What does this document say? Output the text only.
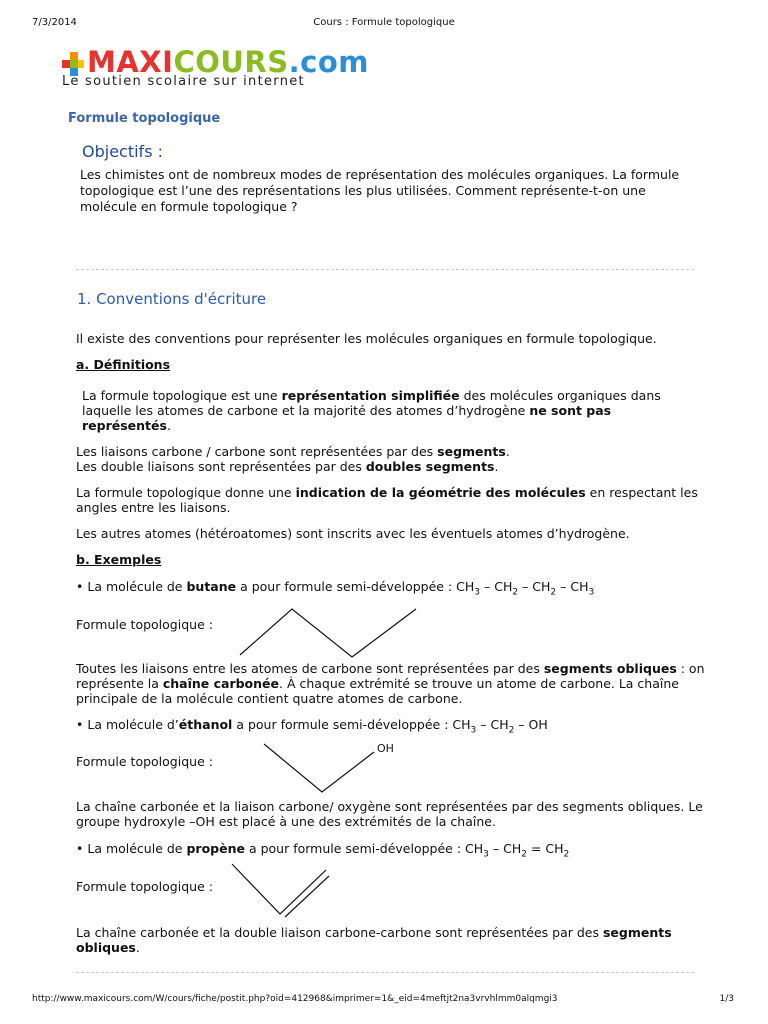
7/3/2014	Cours : Formule topologique
MAXICOURS.com
Le soutien scolaire sur internet
Formule topologique
Objectifs :
Les chimistes ont de nombreux modes de représentation des molécules organiques. La formule topologique est l’une des représentations les plus utilisées. Comment représente-t-on une molécule en formule topologique ?
1. Conventions d'écriture
Il existe des conventions pour représenter les molécules organiques en formule topologique.
a. Définitions
La formule topologique est une représentation simplifiée des molécules organiques dans laquelle les atomes de carbone et la majorité des atomes d’hydrogène ne sont pas représentés.
Les liaisons carbone / carbone sont représentées par des segments.
Les double liaisons sont représentées par des doubles segments.
La formule topologique donne une indication de la géométrie des molécules en respectant les angles entre les liaisons.
Les autres atomes (hétéroatomes) sont inscrits avec les éventuels atomes d’hydrogène.
b. Exemples
• La molécule de butane a pour formule semi-développée : $CH_3 - CH_2 - CH_2 - CH_3$
Formule topologique :
Toutes les liaisons entre les atomes de carbone sont représentées par des segments obliques : on représente la chaîne carbonée. À chaque extrémité se trouve un atome de carbone. La chaîne principale de la molécule contient quatre atomes de carbone.
• La molécule d’éthanol a pour formule semi-développée : $CH_3 - CH_2$ – OH
Formule topologique :
OH
La chaîne carbonée et la liaison carbone/ oxygène sont représentées par des segments obliques. Le groupe hydroxyle –OH est placé à une des extrémités de la chaîne.
• La molécule de propène a pour formule semi-développée : $CH_3 - CH_2 = CH_2$
Formule topologique :
La chaîne carbonée et la double liaison carbone-carbone sont représentées par des segments obliques.
http://www.maxicours.com/W/cours/fiche/postit.php?oid=412968&imprimer=1&_eid=4meftjt2na3vrvhlmm0alqmgi3	1/3
